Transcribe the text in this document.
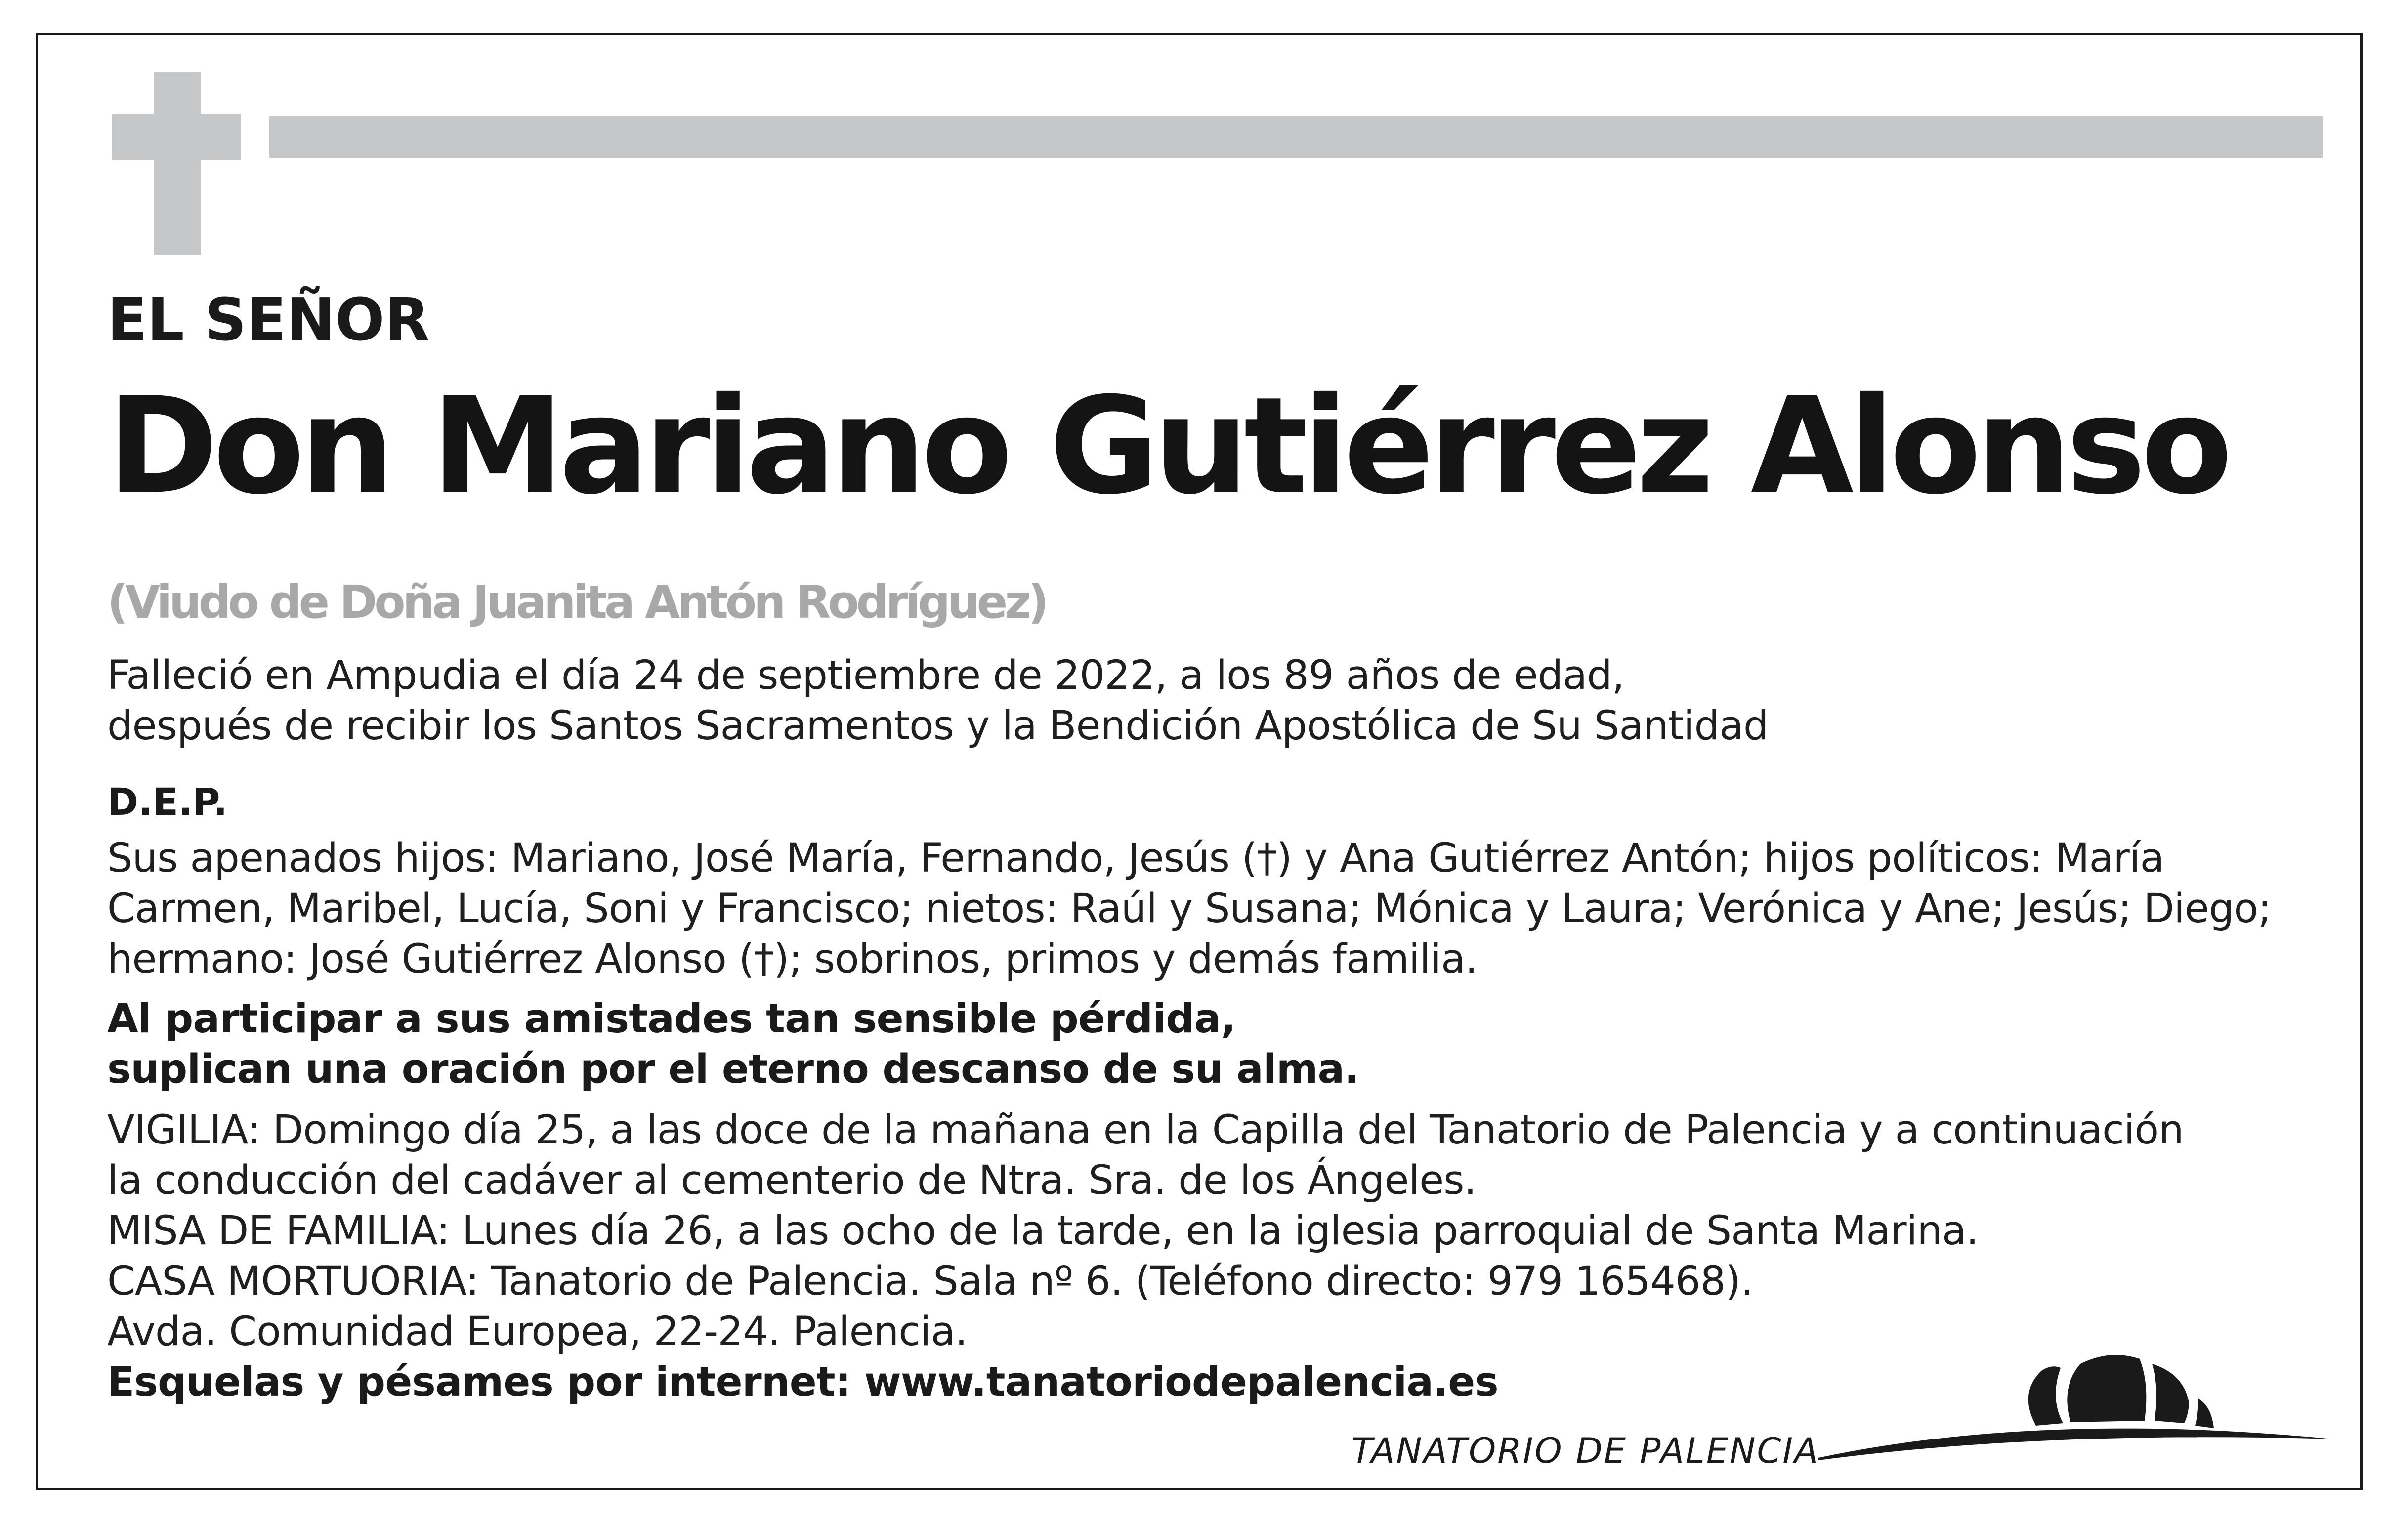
EL SEÑOR
Don Mariano Gutiérrez Alonso
(Viudo de Doña Juanita Antón Rodríguez)
Falleció en Ampudia el día 24 de septiembre de 2022, a los 89 años de edad,
después de recibir los Santos Sacramentos y la Bendición Apostólica de Su Santidad
D.E.P.
Sus apenados hijos: Mariano, José María, Fernando, Jesús (†) y Ana Gutiérrez Antón; hijos políticos: María
Carmen, Maribel, Lucía, Soni y Francisco; nietos: Raúl y Susana; Mónica y Laura; Verónica y Ane; Jesús; Diego;
hermano: José Gutiérrez Alonso (†); sobrinos, primos y demás familia.
Al participar a sus amistades tan sensible pérdida,
suplican una oración por el eterno descanso de su alma.
VIGILIA: Domingo día 25, a las doce de la mañana en la Capilla del Tanatorio de Palencia y a continuación
la conducción del cadáver al cementerio de Ntra. Sra. de los Ángeles.
MISA DE FAMILIA: Lunes día 26, a las ocho de la tarde, en la iglesia parroquial de Santa Marina.
CASA MORTUORIA: Tanatorio de Palencia. Sala nº 6. (Teléfono directo: 979 165468).
Avda. Comunidad Europea, 22-24. Palencia.
Esquelas y pésames por internet: www.tanatoriodepalencia.es
TANATORIO DE PALENCIA
